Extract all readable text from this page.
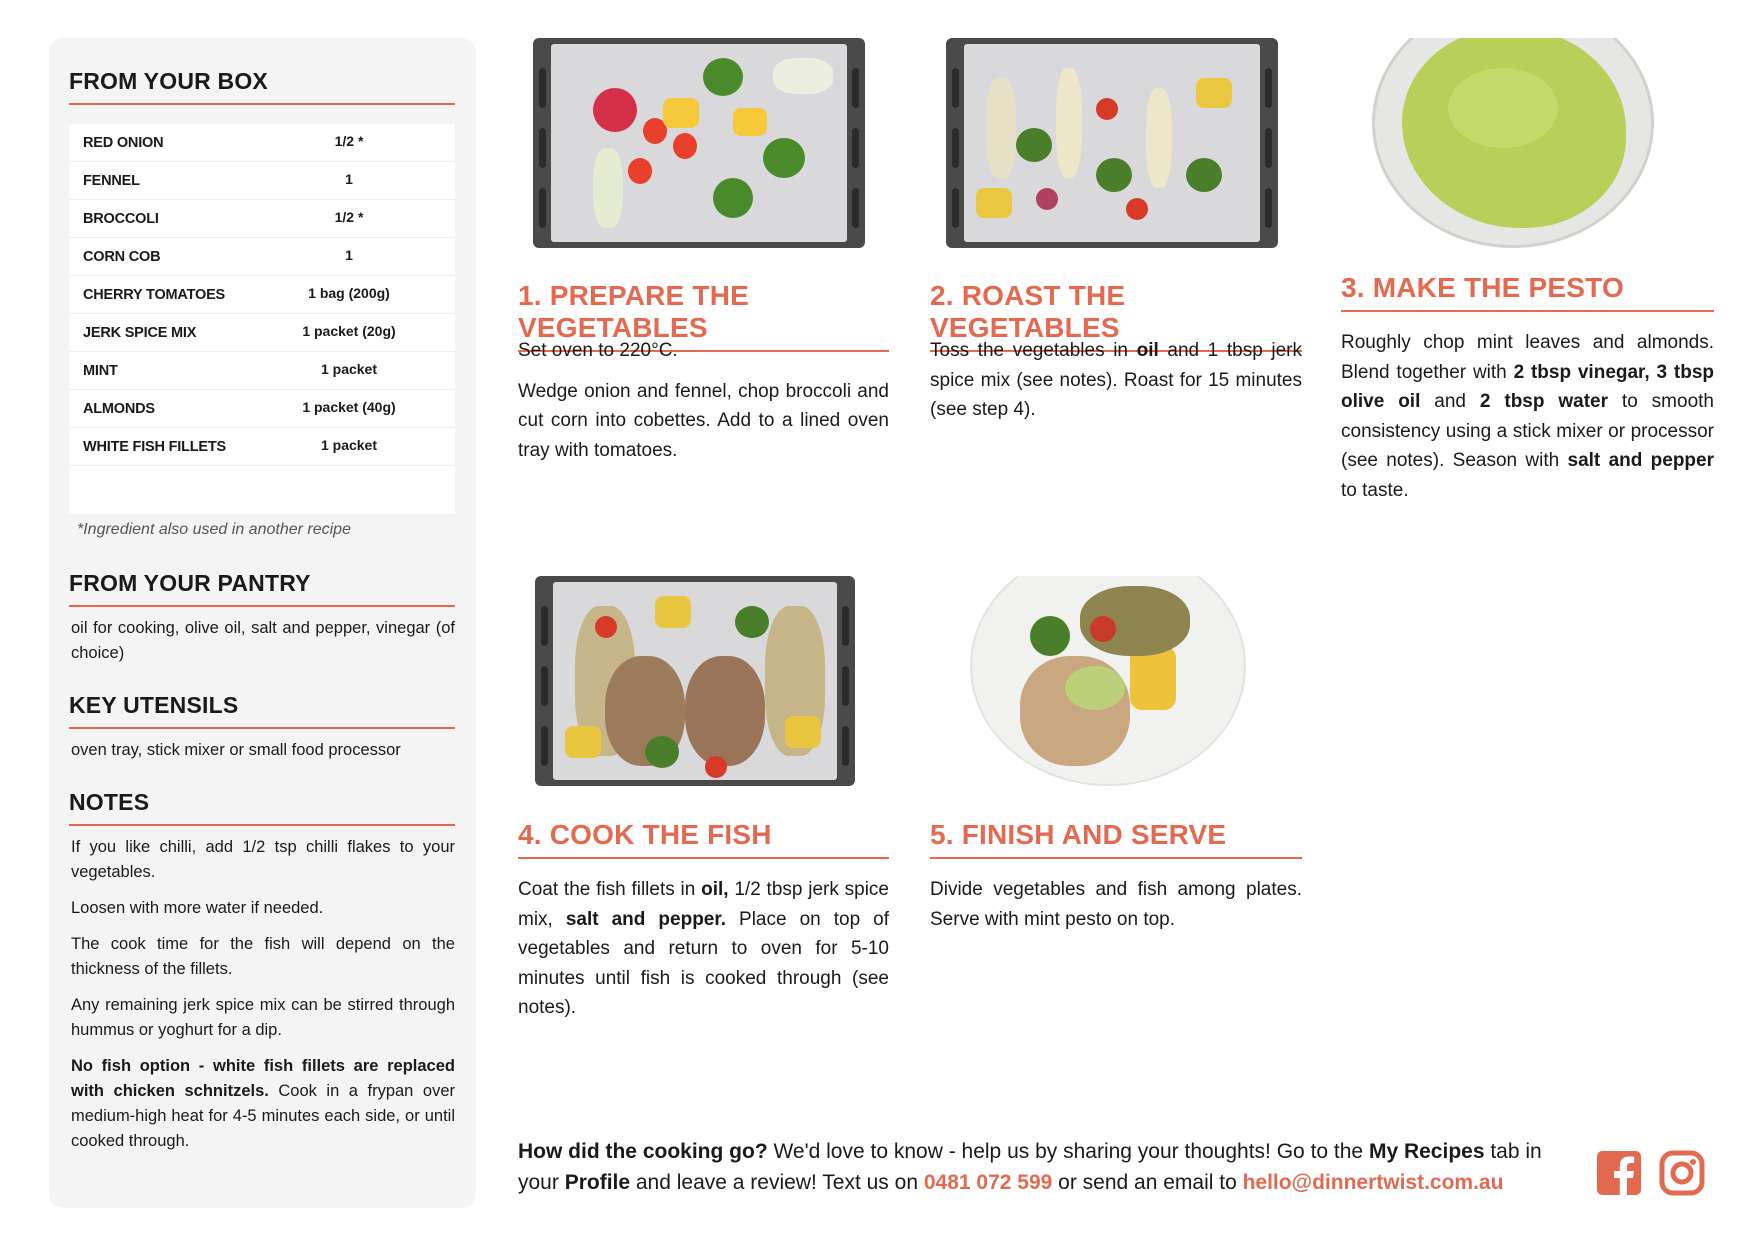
FROM YOUR BOX
RED ONION	1/2 *
FENNEL	1
BROCCOLI	1/2 *
CORN COB	1
CHERRY TOMATOES	1 bag (200g)
JERK SPICE MIX	1 packet (20g)
MINT	1 packet
ALMONDS	1 packet (40g)
WHITE FISH FILLETS	1 packet
*Ingredient also used in another recipe
FROM YOUR PANTRY
oil for cooking, olive oil, salt and pepper, vinegar (of choice)
KEY UTENSILS
oven tray, stick mixer or small food processor
NOTES

If you like chilli, add 1/2 tsp chilli flakes to your vegetables.

Loosen with more water if needed.

The cook time for the fish will depend on the thickness of the fillets.

Any remaining jerk spice mix can be stirred through hummus or yoghurt for a dip.

No fish option - white fish fillets are replaced with chicken schnitzels. Cook in a frypan over medium-high heat for 4-5 minutes each side, or until cooked through.

1. PREPARE THE VEGETABLES

Set oven to 220°C.

Wedge onion and fennel, chop broccoli and cut corn into cobettes. Add to a lined oven tray with tomatoes.

2. ROAST THE VEGETABLES

Toss the vegetables in oil and 1 tbsp jerk spice mix (see notes). Roast for 15 minutes (see step 4).

3. MAKE THE PESTO

Roughly chop mint leaves and almonds. Blend together with 2 tbsp vinegar, 3 tbsp olive oil and 2 tbsp water to smooth consistency using a stick mixer or processor (see notes). Season with salt and pepper to taste.

4. COOK THE FISH

Coat the fish fillets in oil, 1/2 tbsp jerk spice mix, salt and pepper. Place on top of vegetables and return to oven for 5-10 minutes until fish is cooked through (see notes).

5. FINISH AND SERVE

Divide vegetables and fish among plates. Serve with mint pesto on top.

How did the cooking go? We'd love to know - help us by sharing your thoughts! Go to the My Recipes tab in your Profile and leave a review! Text us on 0481 072 599 or send an email to hello@dinnertwist.com.au
